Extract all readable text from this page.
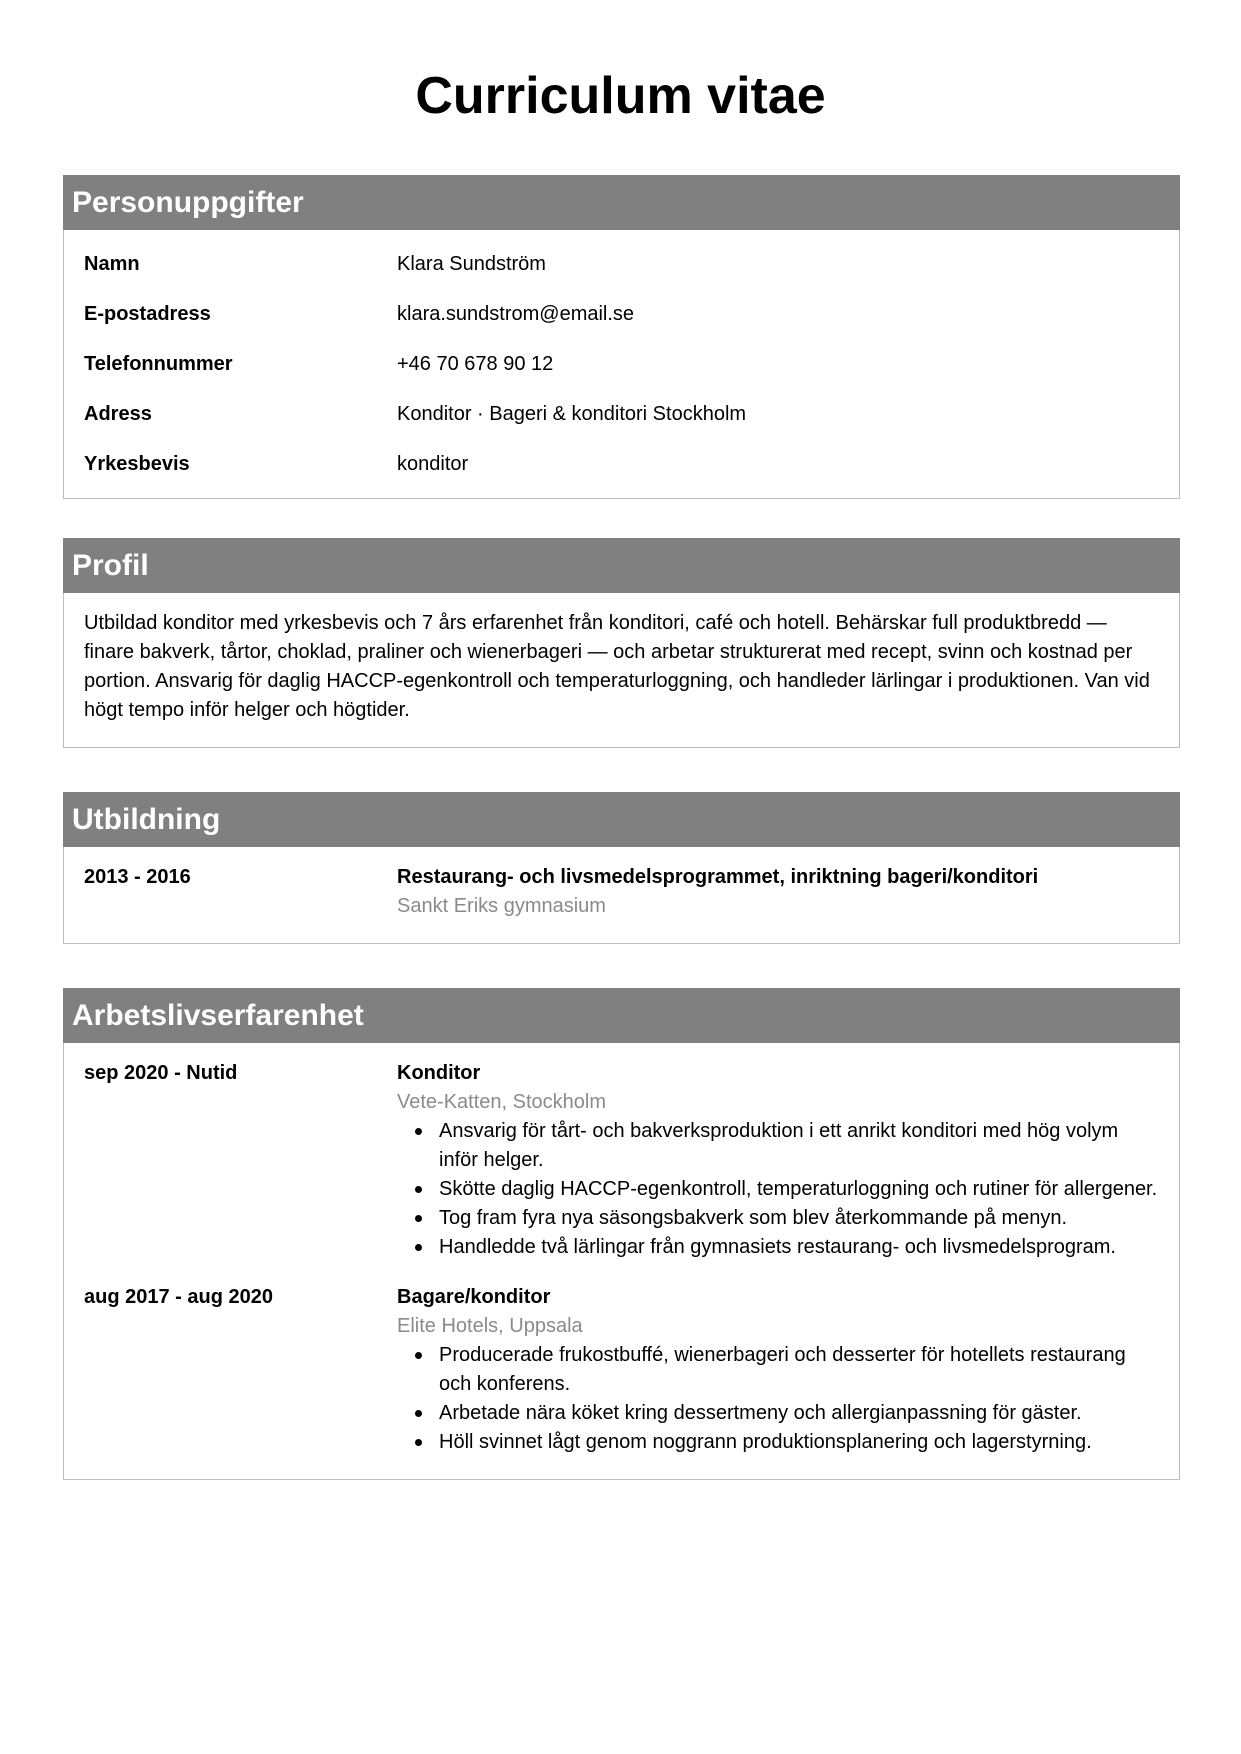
Curriculum vitae
Personuppgifter
Namn	Klara Sundström
E-postadress	klara.sundstrom@email.se
Telefonnummer	+46 70 678 90 12
Adress	Konditor · Bageri & konditori Stockholm
Yrkesbevis	konditor
Profil

Utbildad konditor med yrkesbevis och 7 års erfarenhet från konditori, café och hotell. Behärskar full produktbredd — finare bakverk, tårtor, choklad, praliner och wienerbageri — och arbetar strukturerat med recept, svinn och kostnad per portion. Ansvarig för daglig HACCP-egenkontroll och temperaturloggning, och handleder lärlingar i produktionen. Van vid högt tempo inför helger och högtider.

Utbildning
2013 - 2016	Restaurang- och livsmedelsprogrammet, inriktning bageri/konditori
Sankt Eriks gymnasium
Arbetslivserfarenhet
sep 2020 - Nutid	Konditor
Vete-Katten, Stockholm
Ansvarig för tårt- och bakverksproduktion i ett anrikt konditori med hög volym inför helger.
Skötte daglig HACCP-egenkontroll, temperaturloggning och rutiner för allergener.
Tog fram fyra nya säsongsbakverk som blev återkommande på menyn.
Handledde två lärlingar från gymnasiets restaurang- och livsmedelsprogram.
aug 2017 - aug 2020	Bagare/konditor
Elite Hotels, Uppsala
Producerade frukostbuffé, wienerbageri och desserter för hotellets restaurang och konferens.
Arbetade nära köket kring dessertmeny och allergianpassning för gäster.
Höll svinnet lågt genom noggrann produktionsplanering och lagerstyrning.
